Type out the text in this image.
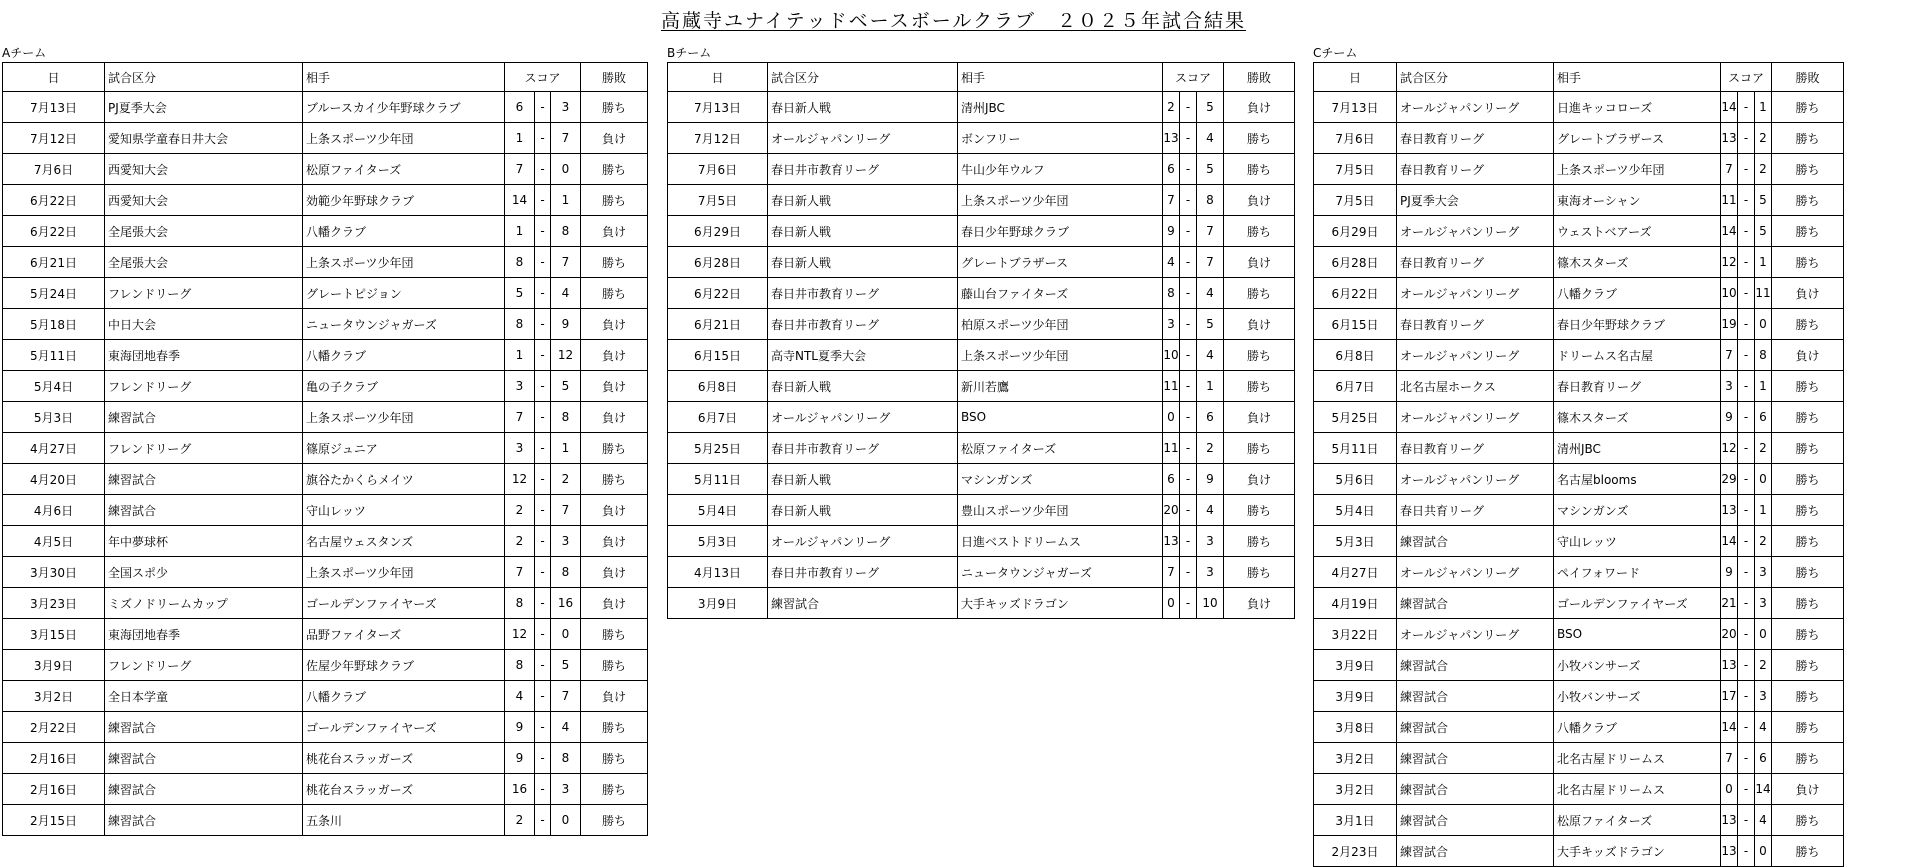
高蔵寺ユナイテッドベースボールクラブ　２０２５年試合結果
Aチーム
日	試合区分	相手	スコア			勝敗
7月13日	PJ夏季大会	ブルースカイ少年野球クラブ	6	-	3	勝ち
7月12日	愛知県学童春日井大会	上条スポーツ少年団	1	-	7	負け
7月6日	西愛知大会	松原ファイターズ	7	-	0	勝ち
6月22日	西愛知大会	効範少年野球クラブ	14	-	1	勝ち
6月22日	全尾張大会	八幡クラブ	1	-	8	負け
6月21日	全尾張大会	上条スポーツ少年団	8	-	7	勝ち
5月24日	フレンドリーグ	グレートピジョン	5	-	4	勝ち
5月18日	中日大会	ニュータウンジャガーズ	8	-	9	負け
5月11日	東海団地春季	八幡クラブ	1	-	12	負け
5月4日	フレンドリーグ	亀の子クラブ	3	-	5	負け
5月3日	練習試合	上条スポーツ少年団	7	-	8	負け
4月27日	フレンドリーグ	篠原ジュニア	3	-	1	勝ち
4月20日	練習試合	旗谷たかくらメイツ	12	-	2	勝ち
4月6日	練習試合	守山レッツ	2	-	7	負け
4月5日	年中夢球杯	名古屋ウェスタンズ	2	-	3	負け
3月30日	全国スポ少	上条スポーツ少年団	7	-	8	負け
3月23日	ミズノドリームカップ	ゴールデンファイヤーズ	8	-	16	負け
3月15日	東海団地春季	品野ファイターズ	12	-	0	勝ち
3月9日	フレンドリーグ	佐屋少年野球クラブ	8	-	5	勝ち
3月2日	全日本学童	八幡クラブ	4	-	7	負け
2月22日	練習試合	ゴールデンファイヤーズ	9	-	4	勝ち
2月16日	練習試合	桃花台スラッガーズ	9	-	8	勝ち
2月16日	練習試合	桃花台スラッガーズ	16	-	3	勝ち
2月15日	練習試合	五条川	2	-	0	勝ち
Bチーム
日	試合区分	相手	スコア			勝敗
7月13日	春日新人戦	清州JBC	2	-	5	負け
7月12日	オールジャパンリーグ	ボンフリー	13	-	4	勝ち
7月6日	春日井市教育リーグ	牛山少年ウルフ	6	-	5	勝ち
7月5日	春日新人戦	上条スポーツ少年団	7	-	8	負け
6月29日	春日新人戦	春日少年野球クラブ	9	-	7	勝ち
6月28日	春日新人戦	グレートブラザース	4	-	7	負け
6月22日	春日井市教育リーグ	藤山台ファイターズ	8	-	4	勝ち
6月21日	春日井市教育リーグ	柏原スポーツ少年団	3	-	5	負け
6月15日	高寺NTL夏季大会	上条スポーツ少年団	10	-	4	勝ち
6月8日	春日新人戦	新川若鷹	11	-	1	勝ち
6月7日	オールジャパンリーグ	BSO	0	-	6	負け
5月25日	春日井市教育リーグ	松原ファイターズ	11	-	2	勝ち
5月11日	春日新人戦	マシンガンズ	6	-	9	負け
5月4日	春日新人戦	豊山スポーツ少年団	20	-	4	勝ち
5月3日	オールジャパンリーグ	日進ベストドリームス	13	-	3	勝ち
4月13日	春日井市教育リーグ	ニュータウンジャガーズ	7	-	3	勝ち
3月9日	練習試合	大手キッズドラゴン	0	-	10	負け
Cチーム
日	試合区分	相手	スコア			勝敗
7月13日	オールジャパンリーグ	日進キッコローズ	14	-	1	勝ち
7月6日	春日教育リーグ	グレートブラザース	13	-	2	勝ち
7月5日	春日教育リーグ	上条スポーツ少年団	7	-	2	勝ち
7月5日	PJ夏季大会	東海オーシャン	11	-	5	勝ち
6月29日	オールジャパンリーグ	ウェストベアーズ	14	-	5	勝ち
6月28日	春日教育リーグ	篠木スターズ	12	-	1	勝ち
6月22日	オールジャパンリーグ	八幡クラブ	10	-	11	負け
6月15日	春日教育リーグ	春日少年野球クラブ	19	-	0	勝ち
6月8日	オールジャパンリーグ	ドリームス名古屋	7	-	8	負け
6月7日	北名古屋ホークス	春日教育リーグ	3	-	1	勝ち
5月25日	オールジャパンリーグ	篠木スターズ	9	-	6	勝ち
5月11日	春日教育リーグ	清州JBC	12	-	2	勝ち
5月6日	オールジャパンリーグ	名古屋blooms	29	-	0	勝ち
5月4日	春日共育リーグ	マシンガンズ	13	-	1	勝ち
5月3日	練習試合	守山レッツ	14	-	2	勝ち
4月27日	オールジャパンリーグ	ペイフォワード	9	-	3	勝ち
4月19日	練習試合	ゴールデンファイヤーズ	21	-	3	勝ち
3月22日	オールジャパンリーグ	BSO	20	-	0	勝ち
3月9日	練習試合	小牧バンサーズ	13	-	2	勝ち
3月9日	練習試合	小牧バンサーズ	17	-	3	勝ち
3月8日	練習試合	八幡クラブ	14	-	4	勝ち
3月2日	練習試合	北名古屋ドリームス	7	-	6	勝ち
3月2日	練習試合	北名古屋ドリームス	0	-	14	負け
3月1日	練習試合	松原ファイターズ	13	-	4	勝ち
2月23日	練習試合	大手キッズドラゴン	13	-	0	勝ち
